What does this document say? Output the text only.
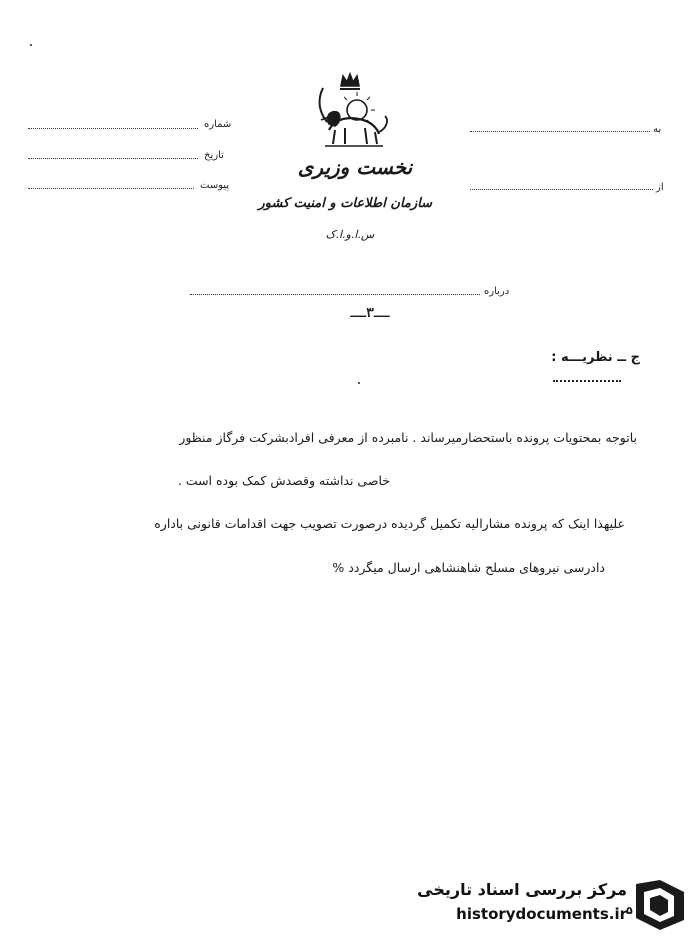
شماره
تاریخ
پیوست
به
از
نخست وزیری
سازمان اطلاعات و امنیت کشور
س.ا.و.ا.ک
درباره
ــ۳ــ
ج ــ نظریـــه :
باتوجه بمحتویات پرونده باستحضارمیرساند . نامبرده از معرفی افرادبشرکت فرگاز منظور
خاصی نداشته وقصدش کمک بوده است .
علیهذا اینک که پرونده مشارالیه تکمیل گردیده درصورت تصویب جهت اقدامات قانونی باداره
دادرسی نیروهای مسلح شاهنشاهی ارسال میگردد %
مرکز بررسی اسناد تاریخی
historydocuments.ir ۵
